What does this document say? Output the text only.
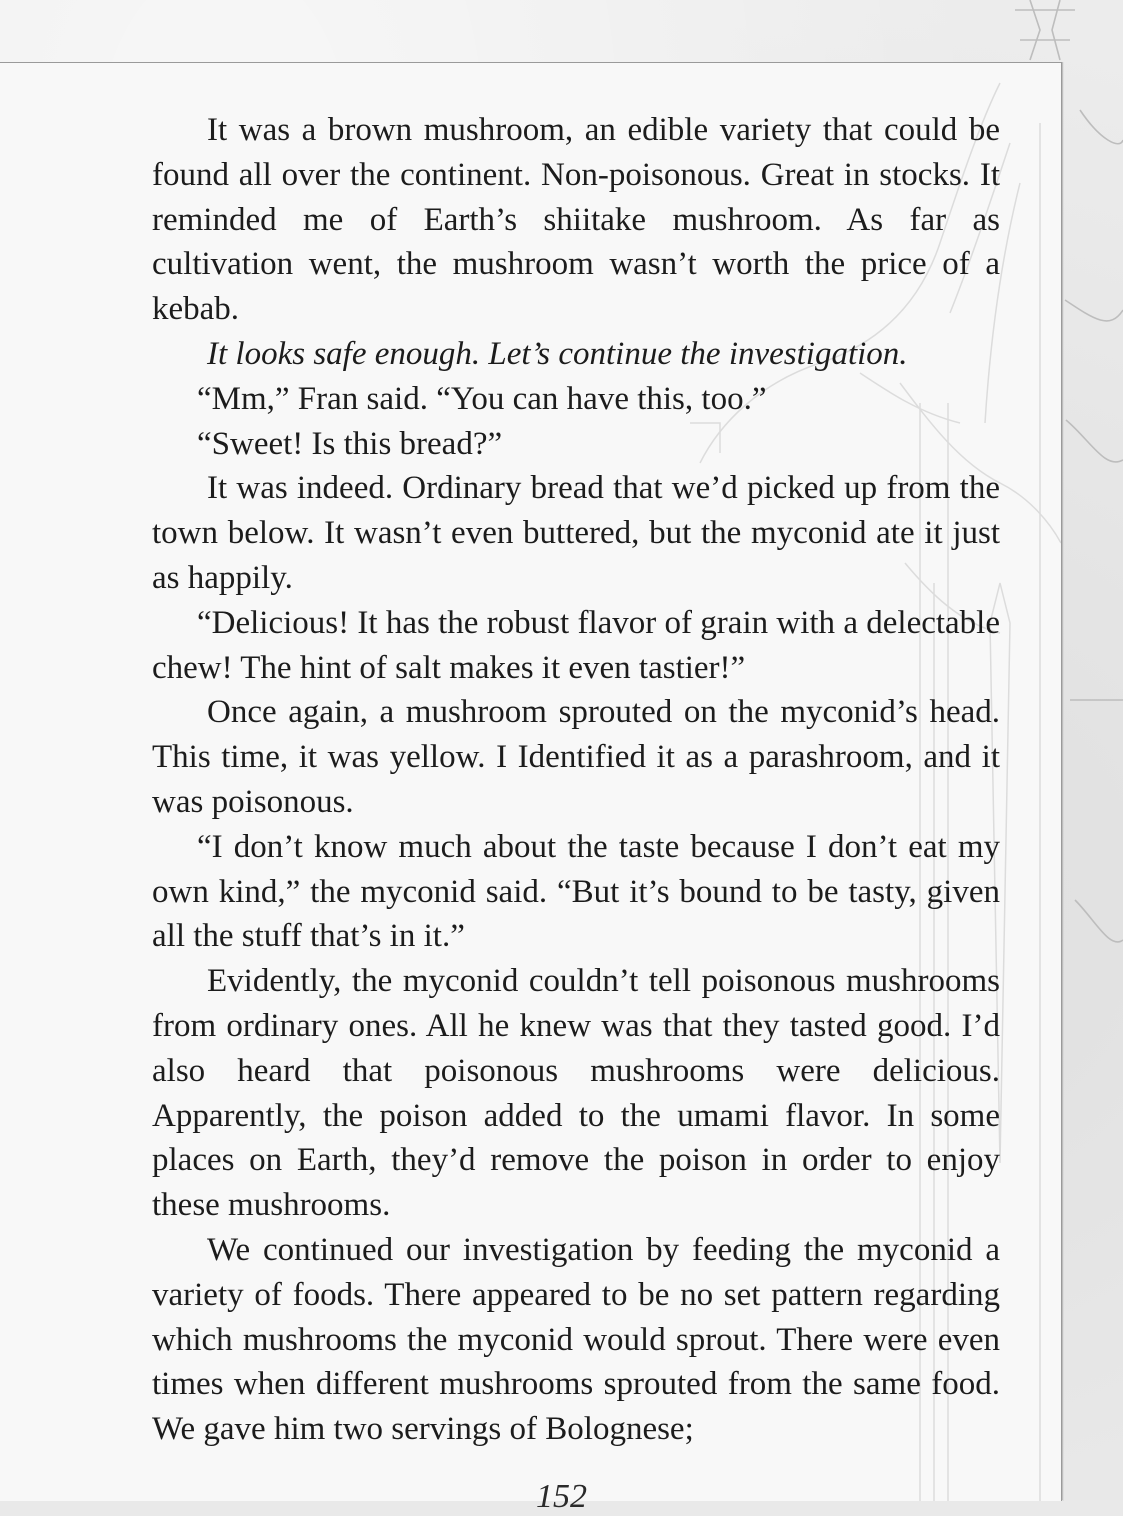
It was a brown mushroom, an edible variety that could be found all over the continent. Non-poisonous. Great in stocks. It reminded me of Earth’s shiitake mushroom. As far as cultivation went, the mushroom wasn’t worth the price of a kebab.

It looks safe enough. Let’s continue the investigation.

“Mm,” Fran said. “You can have this, too.”

“Sweet! Is this bread?”

It was indeed. Ordinary bread that we’d picked up from the town below. It wasn’t even buttered, but the myconid ate it just as happily.

“Delicious! It has the robust flavor of grain with a delectable chew! The hint of salt makes it even tastier!”

Once again, a mushroom sprouted on the myconid’s head. This time, it was yellow. I Identified it as a parashroom, and it was poisonous.

“I don’t know much about the taste because I don’t eat my own kind,” the myconid said. “But it’s bound to be tasty, given all the stuff that’s in it.”

Evidently, the myconid couldn’t tell poisonous mushrooms from ordinary ones. All he knew was that they tasted good. I’d also heard that poisonous mushrooms were delicious. Apparently, the poison added to the umami flavor. In some places on Earth, they’d remove the poison in order to enjoy these mushrooms.

We continued our investigation by feeding the myconid a variety of foods. There appeared to be no set pattern regarding which mushrooms the myconid would sprout. There were even times when different mushrooms sprouted from the same food. We gave him two servings of Bolognese;

152
